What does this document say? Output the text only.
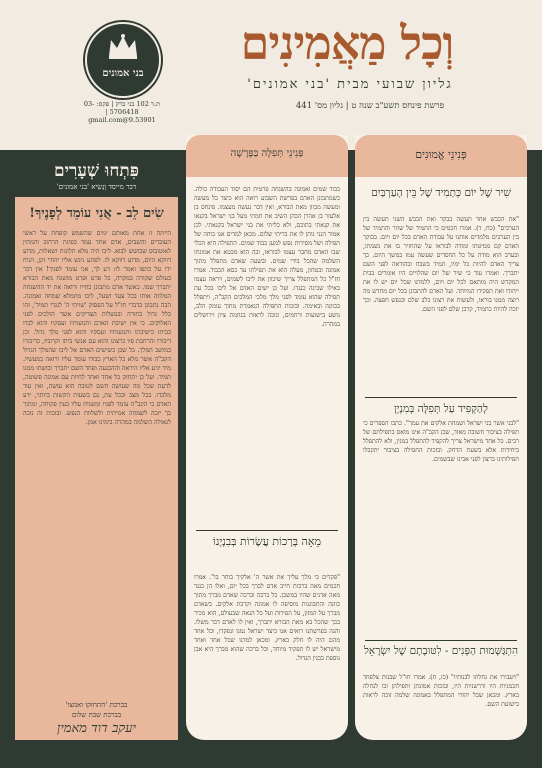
וְכָל מַאֲמִינִים
גליון שבועי מבית 'בני אמונים'
פרשת פינחס תשע"ב שנה ט | גליון מס' 441
בני אמונים
ת.ד 102 בני ברק | פקס: 03-5706418 | 9.53901@gmail.com
פִּתְחוּ שְׁעָרִים
דבר מייסד וָנְשִׂיא 'בני אמונים'
שִׂים לֵב - אֲנִי עוֹמֵד לְפָנֶיךָ!
הייתה זו אחת מאותם ימים שהשמש קופחת על ראשי העוברים והשבים, אדם אחד עמד בפינת הרחוב והמתין לאוטובוס שבושש לבוא. ליבו היה מלא תלונות ושאלות, מדוע דווקא היום, מדוע דווקא לו. לפתע ניגש אליו יהודי זקן, הניח ידו על כתפו ואמר לו: דע לך, אני עומד לפניך! אין דבר בעולם שקורה במקרה, כל פרט ופרט מושגח מאת הבורא יתברך שמו. כאשר אדם מתבונן בחייו ורואה את יד ההשגחה המלווה אותו בכל צעד ושעל, ליבו מתמלא שמחה ואמונה. הבה נתבונן בדברי חז"ל על הפסוק 'שויתי ה' לנגדי תמיד', זהו כלל גדול בתורה ובמעלות הצדיקים אשר הולכים לפני האלוקים. כי אין ישיבת האדם ותנועותיו ועסקיו והוא לבדו בביתו כישיבתו ותנועותיו ועסקיו והוא לפני מלך גדול. וכן דיבורו והרחבת פיו כרצונו והוא עם אנשי ביתו וקרוביו, כדיבורו במושב המלך. כל שכן כשישים האדם אל ליבו שהמלך הגדול הקב"ה אשר מלא כל הארץ כבודו עומד עליו ורואה במעשיו. מיד יגיע אליו היראה וההכנעה ופחד השם יתברך ובושתו ממנו תמיד. ועל כן יתחזק כל אחד ואחד לחיות עם אמונה פשוטה, לדעת שכל מה שעושה השם לטובה הוא עושה, ואין עוד מלבדו. בכל מצב ובכל עת, גם בשעות הקשות ביותר, ידע האדם כי הקב"ה עומד לפניו ומשגיח עליו בעין פקוחה, ומתוך כך יזכה לשמחה אמיתית ולשלוות הנפש. ובזכות זה נזכה לגאולה השלמה במהרה בימינו אמן.
בברכת 'התחזקו ואמצו'
בברכת שבת שלום
יעקב דוד מאמין
פַּנִינֵי תְּפִלָּה בַּפָּרָשָׁה
כבוד שמים ואמונה בהשגחה פרטית הם יסוד העבודה כולה. כשמתבונן האדם בפרשת השבוע רואה הוא כיצד כל מעשה ומעשה מכוון מאת הבורא, ואין דבר נעשה מעצמו. פינחס בן אלעזר בן אהרן הכהן השיב את חמתי מעל בני ישראל בקנאו את קנאתי בתוכם, ולא כליתי את בני ישראל בקנאתי. לכן אמור הנני נותן לו את בריתי שלום. מכאן למדים אנו כוחה של תפילה ושל מסירות נפש למען כבוד שמים. התפילה היא הכלי שבו האדם מחבר עצמו לבוראו, ובה הוא מבטא את אמונתו השלמה שהכל בידי שמים. ובשעה שאדם מתפלל מתוך אמונה ובטחון, מעלה הוא את תפילתו עד כסא הכבוד. אמרו חז"ל כל המתפלל צריך שיכוון את ליבו לשמים, ויראה עצמו כאילו שכינה כנגדו. ועל כן ישים האדם אל ליבו בכל עת תפילה שהוא עומד לפני מלך מלכי המלכים הקב"ה, ויתפלל בכוונה ובאימה. ובזכות התפילה הנאמרת מתוך עומק הלב, נושע בישועות ורחמים, ונזכה לראות בנחמת ציון וירושלים במהרה.
מֵאָה בְּרָכוֹת עֲשָׂרוֹת בְּבִנְיָנוֹ
"פקדים כי מלך עליך את אשר ה' אלקיך בוחר בו". אמרו חכמים מאה ברכות חייב אדם לברך בכל יום, ואלו הן כנגד מאה אדנים שהיו במשכן. כל ברכה וברכה שאדם מברך מתוך כוונה והתבוננות מוסיפה לו אמונה וקרבת אלקים. כשאדם מברך על המזון, על הפירות ועל כל הנאה שבעולם, הוא מכיר בכך שהכל בא מאת הבורא יתברך, ואין לו לאדם דבר משלו. והנה בפרשתנו רואים אנו כיצד ישראל נמנו ונפקדו, וכל אחד מהם היה לו חלק בארץ. ומכאן למדנו שכל אחד ואחד מישראל יש לו תפקיד מיוחד, וכל ברכה שהוא מברך היא אבן נוספת בבנין הגדול.
פְּנִינֵי אֱמוּנִים
שִׁיר שֶׁל יוֹם כְּתַמִיד שֶׁל בֵּין הָעַרְבַּיִם
"את הכבש אחד תעשה בבקר ואת הכבש השני תעשה בין הערבים" (כח, ד). אמרו חכמים כי התמיד של שחר והתמיד של בין הערבים מלמדים אותנו על עבודת האדם בכל יום ויום. בבוקר האדם קם ממיטתו ומודה לבוראו על שהחזיר בו את נשמתו, ובערב הוא מודה על כל החסדים שעשה עמו במשך היום. כך צריך האדם להיות כל ימיו, תמיד בשבח ובהודאה לפני השם יתברך. ואמרו עוד כי שיר של יום שהלויים היו אומרים בבית המקדש היה מותאם לכל יום ויום, ללמדנו שכל יום יש לו את ייחודו ואת תפקידו המיוחד. ועל האדם להתבונן בכל יום מחדש מה רוצה ממנו בוראו, ולעשות את רצונו בלב שלם ובנפש חפצה. וכך יזכה להיות כתמיד, קרבן שלם לפני השם.
לְהַקְפִּיד עַל תְּפִלָּה בְּמִנְיָן
"לבני אשר בני ישראל ושמחת אלקים את עמך". כתבו הספרים כי תפילה בציבור חשובה מאוד, שכן הקב"ה אינו מואס בתפילתם של רבים. כל אחד מישראל צריך להקפיד להתפלל במנין, ולא להתפלל ביחידות אלא בשעת הדחק. ובזכות התפילה בציבור יתקבלו תפילותינו ברצון לפני אבינו שבשמים.
הִתְגַּשְּׁמוּת הַפְּנִים - לִטּוּבָתָם שֶׁל יִשְׂרָאֵל
"ויעבירו את נחלתו לבנותיו" (כז, ח). אמרו חז"ל שבנות צלפחד חכמניות היו ודרשניות היו, ובזכות אמונתן ותפילתן זכו לנחלה בארץ. ומכאן שכל יהודי המתפלל באמונה שלמה זוכה לראות בישועת השם.
